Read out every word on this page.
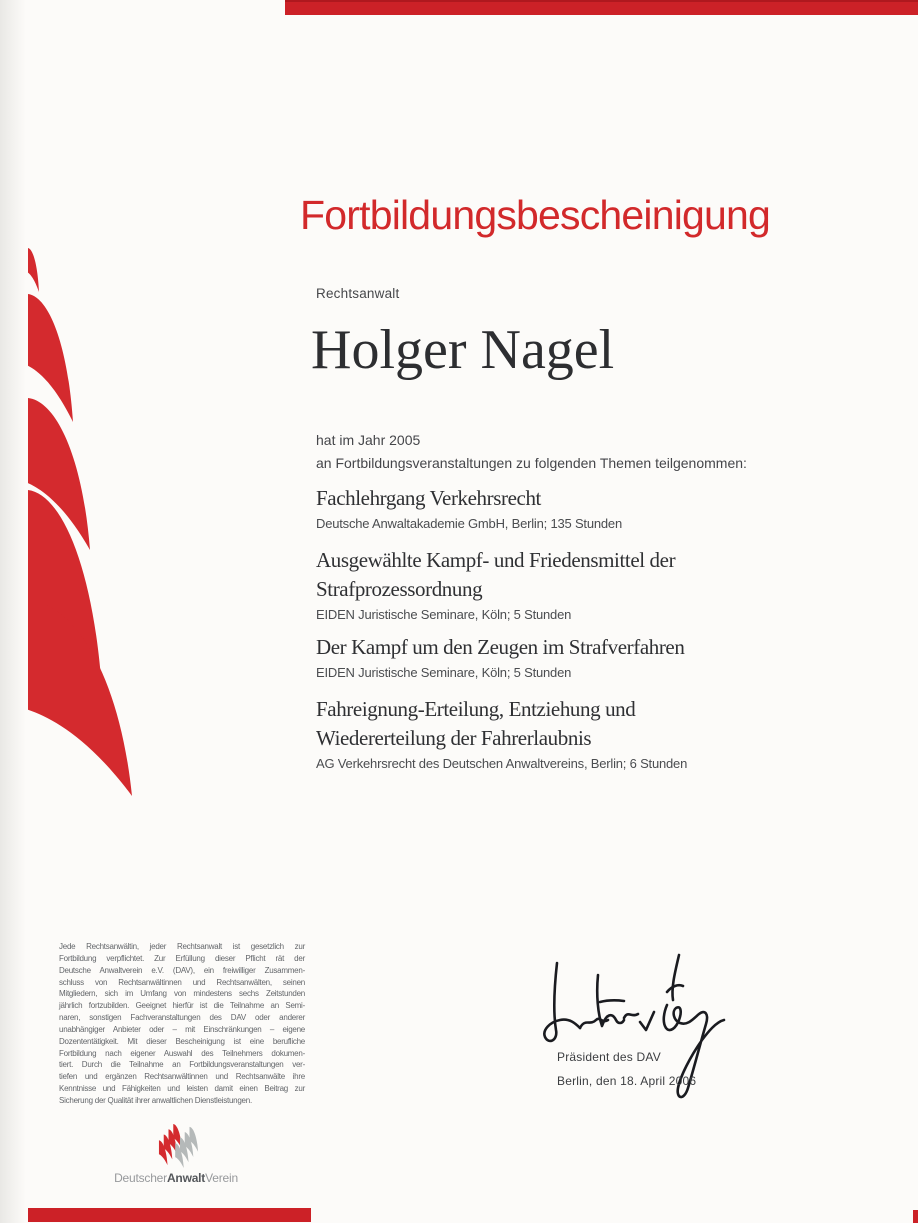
Fortbildungsbescheinigung
Rechtsanwalt
Holger Nagel
hat im Jahr 2005
an Fortbildungsveranstaltungen zu folgenden Themen teilgenommen:
Fachlehrgang Verkehrsrecht
Deutsche Anwaltakademie GmbH, Berlin; 135 Stunden
Ausgewählte Kampf- und Friedensmittel der
Strafprozessordnung
EIDEN Juristische Seminare, Köln; 5 Stunden
Der Kampf um den Zeugen im Strafverfahren
EIDEN Juristische Seminare, Köln; 5 Stunden
Fahreignung-Erteilung, Entziehung und
Wiedererteilung der Fahrerlaubnis
AG Verkehrsrecht des Deutschen Anwaltvereins, Berlin; 6 Stunden
Jede Rechtsanwältin, jeder Rechtsanwalt ist gesetzlich zur
Fortbildung verpflichtet. Zur Erfüllung dieser Pflicht rät der
Deutsche Anwaltverein e.V. (DAV), ein freiwilliger Zusammen-
schluss von Rechtsanwältinnen und Rechtsanwälten, seinen
Mitgliedern, sich im Umfang von mindestens sechs Zeitstunden
jährlich fortzubilden. Geeignet hierfür ist die Teilnahme an Semi-
naren, sonstigen Fachveranstaltungen des DAV oder anderer
unabhängiger Anbieter oder – mit Einschränkungen – eigene
Dozententätigkeit. Mit dieser Bescheinigung ist eine berufliche
Fortbildung nach eigener Auswahl des Teilnehmers dokumen-
tiert. Durch die Teilnahme an Fortbildungsveranstaltungen ver-
tiefen und ergänzen Rechtsanwältinnen und Rechtsanwälte ihre
Kenntnisse und Fähigkeiten und leisten damit einen Beitrag zur
Sicherung der Qualität ihrer anwaltlichen Dienstleistungen.
Präsident des DAV
Berlin, den 18. April 2006
DeutscherAnwaltVerein
